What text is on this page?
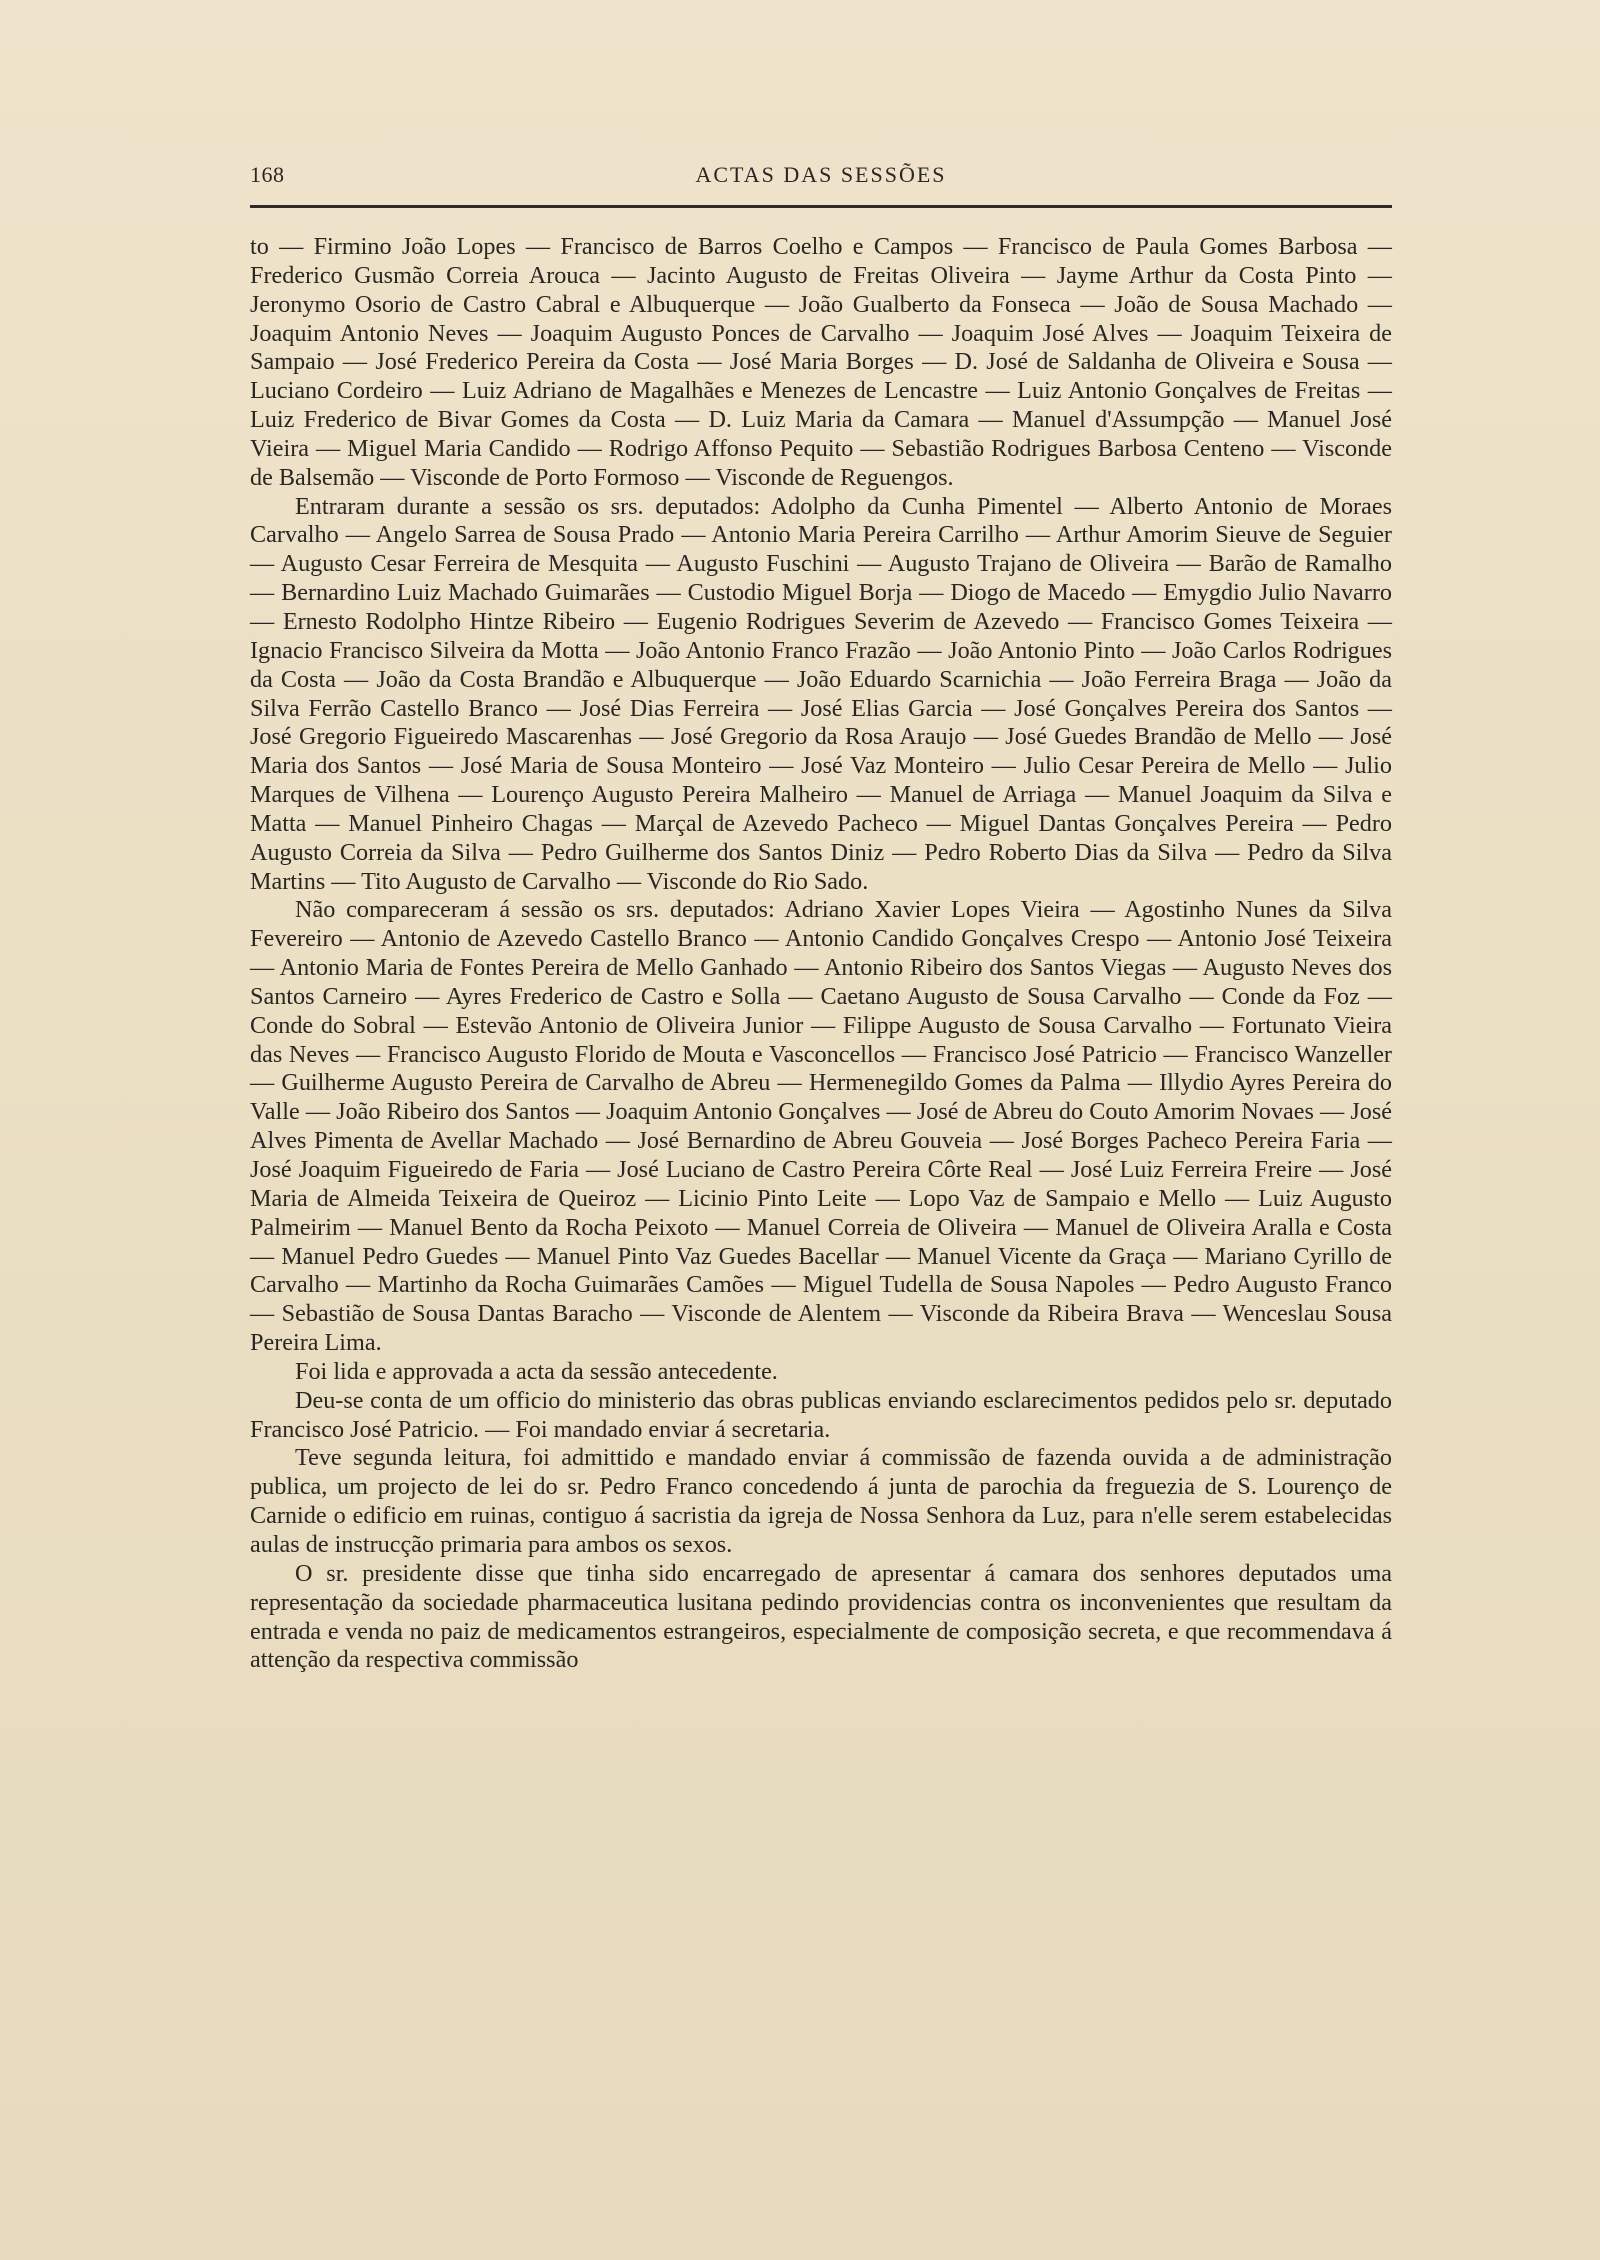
168	ACTAS DAS SESSÕES

to — Firmino João Lopes — Francisco de Barros Coelho e Campos — Francisco de Paula Gomes Barbosa — Frederico Gusmão Correia Arouca — Jacinto Augusto de Freitas Oliveira — Jayme Arthur da Costa Pinto — Jeronymo Osorio de Castro Cabral e Albuquerque — João Gualberto da Fonseca — João de Sousa Machado — Joaquim Antonio Neves — Joaquim Augusto Ponces de Carvalho — Joaquim José Alves — Joaquim Teixeira de Sampaio — José Frederico Pereira da Costa — José Maria Borges — D. José de Saldanha de Oliveira e Sousa — Luciano Cordeiro — Luiz Adriano de Magalhães e Menezes de Lencastre — Luiz Antonio Gonçalves de Freitas — Luiz Frederico de Bivar Gomes da Costa — D. Luiz Maria da Camara — Manuel d'Assumpção — Manuel José Vieira — Miguel Maria Candido — Rodrigo Affonso Pequito — Sebastião Rodrigues Barbosa Centeno — Visconde de Balsemão — Visconde de Porto Formoso — Visconde de Reguengos.

Entraram durante a sessão os srs. deputados: Adolpho da Cunha Pimentel — Alberto Antonio de Moraes Carvalho — Angelo Sarrea de Sousa Prado — Antonio Maria Pereira Carrilho — Arthur Amorim Sieuve de Seguier — Augusto Cesar Ferreira de Mesquita — Augusto Fuschini — Augusto Trajano de Oliveira — Barão de Ramalho — Bernardino Luiz Machado Guimarães — Custodio Miguel Borja — Diogo de Macedo — Emygdio Julio Navarro — Ernesto Rodolpho Hintze Ribeiro — Eugenio Rodrigues Severim de Azevedo — Francisco Gomes Teixeira — Ignacio Francisco Silveira da Motta — João Antonio Franco Frazão — João Antonio Pinto — João Carlos Rodrigues da Costa — João da Costa Brandão e Albuquerque — João Eduardo Scarnichia — João Ferreira Braga — João da Silva Ferrão Castello Branco — José Dias Ferreira — José Elias Garcia — José Gonçalves Pereira dos Santos — José Gregorio Figueiredo Mascarenhas — José Gregorio da Rosa Araujo — José Guedes Brandão de Mello — José Maria dos Santos — José Maria de Sousa Monteiro — José Vaz Monteiro — Julio Cesar Pereira de Mello — Julio Marques de Vilhena — Lourenço Augusto Pereira Malheiro — Manuel de Arriaga — Manuel Joaquim da Silva e Matta — Manuel Pinheiro Chagas — Marçal de Azevedo Pacheco — Miguel Dantas Gonçalves Pereira — Pedro Augusto Correia da Silva — Pedro Guilherme dos Santos Diniz — Pedro Roberto Dias da Silva — Pedro da Silva Martins — Tito Augusto de Carvalho — Visconde do Rio Sado.

Não compareceram á sessão os srs. deputados: Adriano Xavier Lopes Vieira — Agostinho Nunes da Silva Fevereiro — Antonio de Azevedo Castello Branco — Antonio Candido Gonçalves Crespo — Antonio José Teixeira — Antonio Maria de Fontes Pereira de Mello Ganhado — Antonio Ribeiro dos Santos Viegas — Augusto Neves dos Santos Carneiro — Ayres Frederico de Castro e Solla — Caetano Augusto de Sousa Carvalho — Conde da Foz — Conde do Sobral — Estevão Antonio de Oliveira Junior — Filippe Augusto de Sousa Carvalho — Fortunato Vieira das Neves — Francisco Augusto Florido de Mouta e Vasconcellos — Francisco José Patricio — Francisco Wanzeller — Guilherme Augusto Pereira de Carvalho de Abreu — Hermenegildo Gomes da Palma — Illydio Ayres Pereira do Valle — João Ribeiro dos Santos — Joaquim Antonio Gonçalves — José de Abreu do Couto Amorim Novaes — José Alves Pimenta de Avellar Machado — José Bernardino de Abreu Gouveia — José Borges Pacheco Pereira Faria — José Joaquim Figueiredo de Faria — José Luciano de Castro Pereira Côrte Real — José Luiz Ferreira Freire — José Maria de Almeida Teixeira de Queiroz — Licinio Pinto Leite — Lopo Vaz de Sampaio e Mello — Luiz Augusto Palmeirim — Manuel Bento da Rocha Peixoto — Manuel Correia de Oliveira — Manuel de Oliveira Aralla e Costa — Manuel Pedro Guedes — Manuel Pinto Vaz Guedes Bacellar — Manuel Vicente da Graça — Mariano Cyrillo de Carvalho — Martinho da Rocha Guimarães Camões — Miguel Tudella de Sousa Napoles — Pedro Augusto Franco — Sebastião de Sousa Dantas Baracho — Visconde de Alentem — Visconde da Ribeira Brava — Wenceslau Sousa Pereira Lima.

Foi lida e approvada a acta da sessão antecedente.

Deu-se conta de um officio do ministerio das obras publicas enviando esclarecimentos pedidos pelo sr. deputado Francisco José Patricio. — Foi mandado enviar á secretaria.

Teve segunda leitura, foi admittido e mandado enviar á commissão de fazenda ouvida a de administração publica, um projecto de lei do sr. Pedro Franco concedendo á junta de parochia da freguezia de S. Lourenço de Carnide o edificio em ruinas, contiguo á sacristia da igreja de Nossa Senhora da Luz, para n'elle serem estabelecidas aulas de instrucção primaria para ambos os sexos.

O sr. presidente disse que tinha sido encarregado de apresentar á camara dos senhores deputados uma representação da sociedade pharmaceutica lusitana pedindo providencias contra os inconvenientes que resultam da entrada e venda no paiz de medicamentos estrangeiros, especialmente de composição secreta, e que recommendava á attenção da respectiva commissão
